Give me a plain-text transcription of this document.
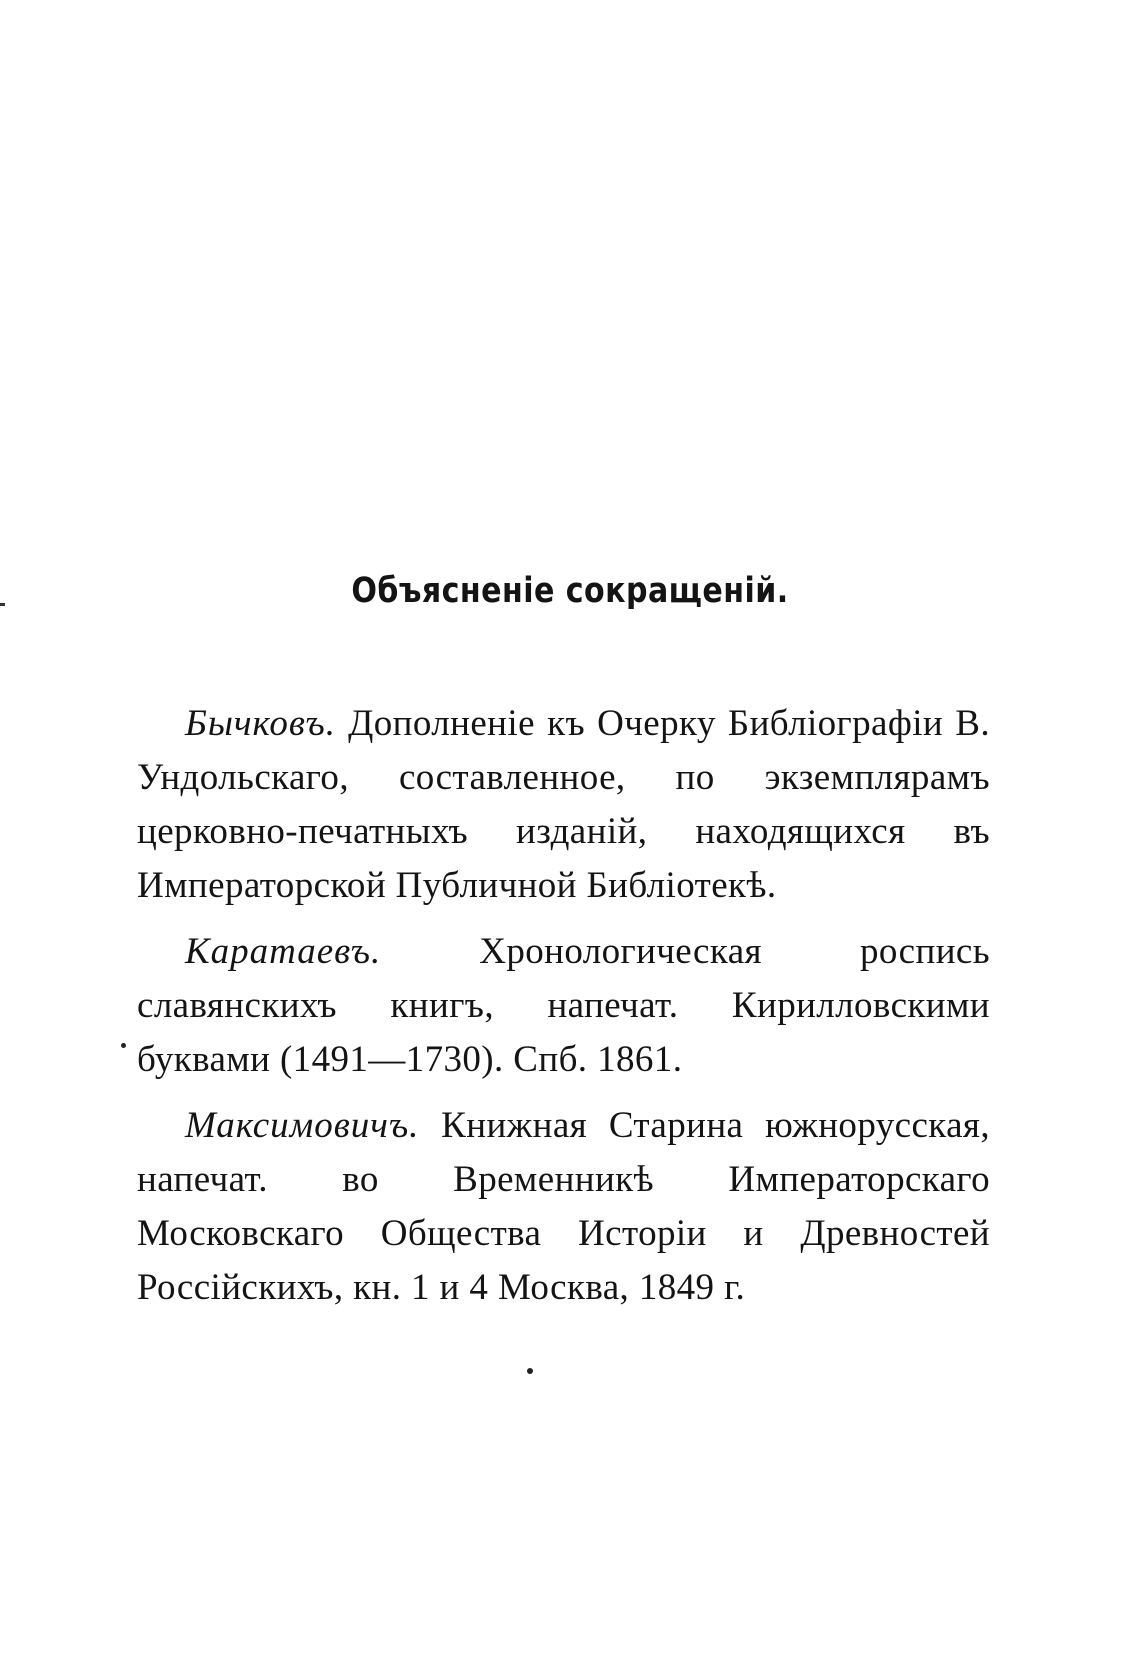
Объясненіе сокращеній.

Бычковъ. Дополненіе къ Очерку Библіографіи В. Ундольскаго, составленное, по экземплярамъ церковно-печатныхъ изданій, находящихся въ Императорской Публичной Библіотекѣ.

Каратаевъ. Хронологическая роспись славянскихъ книгъ, напечат. Кирилловскими буквами (1491—1730). Спб. 1861.

Максимовичъ. Книжная Старина южнорусская, напечат. во Временникѣ Императорскаго Московскаго Общества Исторіи и Древностей Россійскихъ, кн. 1 и 4 Москва, 1849 г.
